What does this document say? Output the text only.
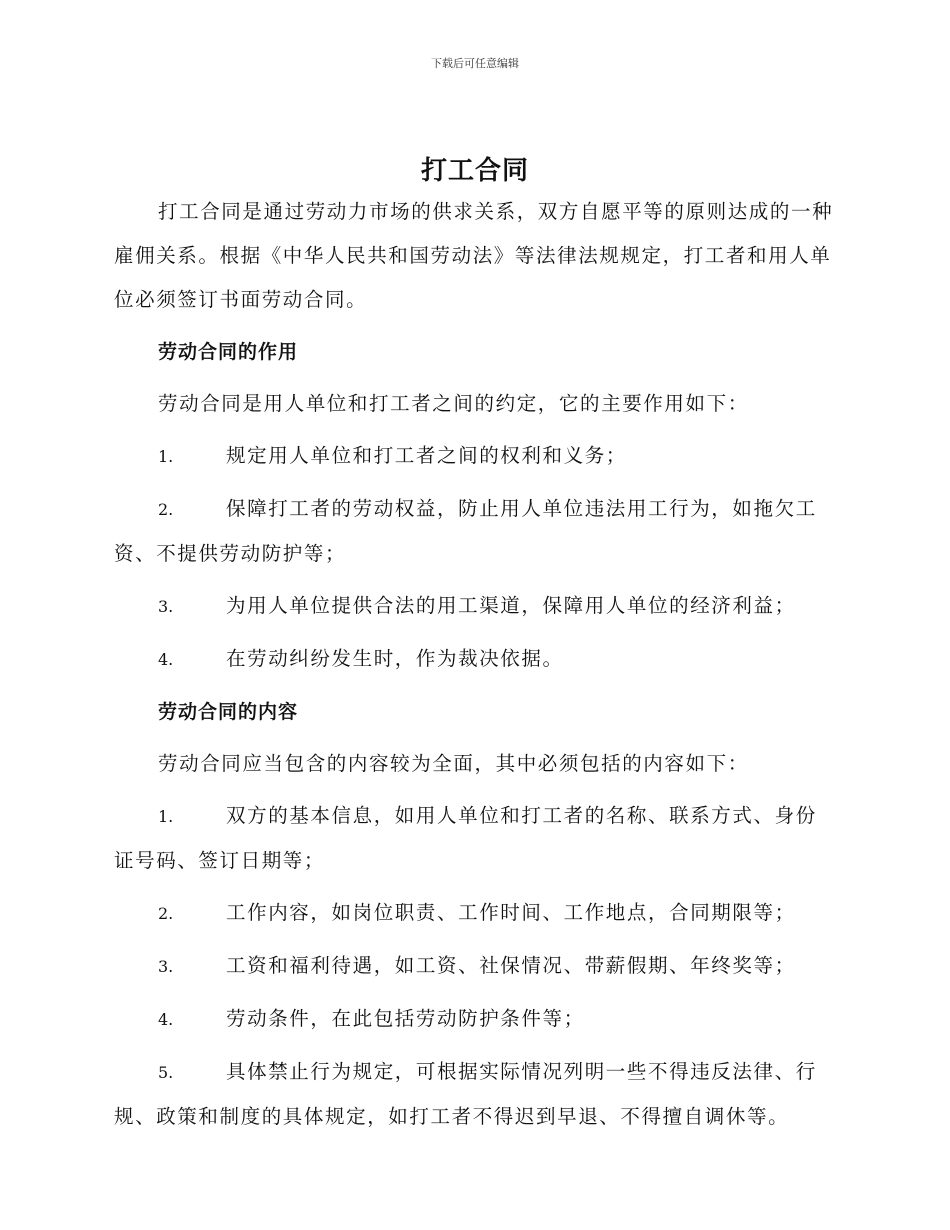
下载后可任意编辑
打工合同

打工合同是通过劳动力市场的供求关系，双方自愿平等的原则达成的一种雇佣关系。根据《中华人民共和国劳动法》等法律法规规定，打工者和用人单位必须签订书面劳动合同。

劳动合同的作用

劳动合同是用人单位和打工者之间的约定，它的主要作用如下：

1.	规定用人单位和打工者之间的权利和义务；

2.	保障打工者的劳动权益，防止用人单位违法用工行为，如拖欠工资、不提供劳动防护等；

3.	为用人单位提供合法的用工渠道，保障用人单位的经济利益；

4.	在劳动纠纷发生时，作为裁决依据。

劳动合同的内容

劳动合同应当包含的内容较为全面，其中必须包括的内容如下：

1.	双方的基本信息，如用人单位和打工者的名称、联系方式、身份证号码、签订日期等；

2.	工作内容，如岗位职责、工作时间、工作地点，合同期限等；

3.	工资和福利待遇，如工资、社保情况、带薪假期、年终奖等；

4.	劳动条件，在此包括劳动防护条件等；

5.	具体禁止行为规定，可根据实际情况列明一些不得违反法律、行规、政策和制度的具体规定，如打工者不得迟到早退、不得擅自调休等。
